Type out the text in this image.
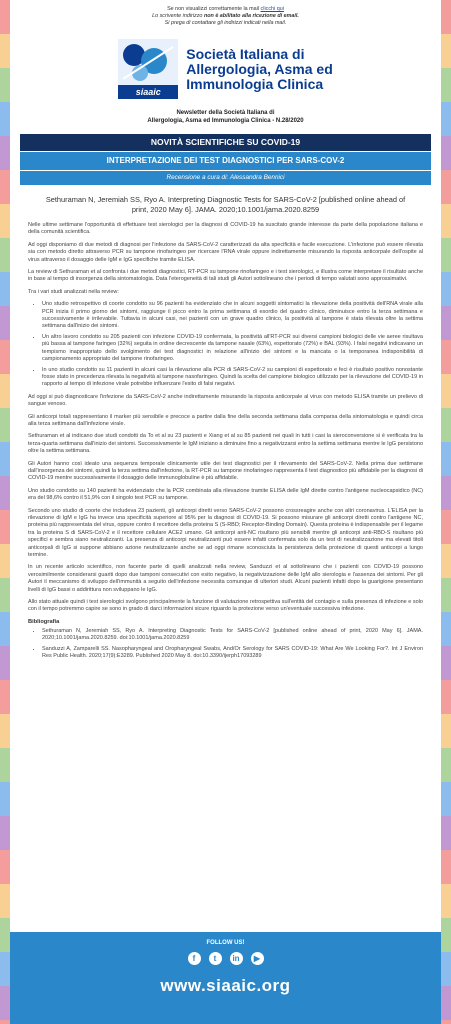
Se non visualizzi correttamente la mail clicchi qui
Lo scrivente indirizzo non è abilitato alla ricezione di email.
Si prega di contattare gli indirizzi indicati nella mail.
siaaic
Società Italiana di
Allergologia, Asma ed
Immunologia Clinica
Newsletter della Società Italiana di
Allergologia, Asma ed Immunologia Clinica - N.28/2020
NOVITÀ SCIENTIFICHE SU COVID-19
INTERPRETAZIONE DEI TEST DIAGNOSTICI PER SARS-COV-2
Recensione a cura di: Alessandra Bennici
Sethuraman N, Jeremiah SS, Ryo A. Interpreting Diagnostic Tests for SARS-CoV-2 [published online ahead of print, 2020 May 6]. JAMA. 2020;10.1001/jama.2020.8259

Nelle ultime settimane l'opportunità di effettuare test sierologici per la diagnosi di COVID-19 ha suscitato grande interesse da parte della popolazione italiana e della comunità scientifica.

Ad oggi disponiamo di due metodi di diagnosi per l'infezione da SARS-CoV-2 caratterizzati da alta specificità e facile esecuzione. L'infezione può essere rilevata sia con metodo diretto attraverso PCR su tampone rinofaringeo per ricercare l'RNA virale oppure indirettamente misurando la risposta anticorpale dell'ospite al virus attraverso il dosaggio delle IgM e IgG specifiche tramite ELISA.

La review di Sethuraman et al confronta i due metodi diagnostici, RT-PCR su tampone rinofaringeo e i test sierologici, e illustra come interpretare il risultato anche in base al tempo di insorgenza della sintomatologia. Data l'eterogeneità di tali studi gli Autori sottolineano che i periodi di tempo valutati sono approssimativi.

Tra i vari studi analizzati nella review:

• Uno studio retrospettivo di coorte condotto su 96 pazienti ha evidenziato che in alcuni soggetti sintomatici la rilevazione della positività dell'RNA virale alla PCR inizia il primo giorno dei sintomi, raggiunge il picco entro la prima settimana di esordio del quadro clinico, diminuisce entro la terza settimana e successivamente è irrilevabile. Tuttavia in alcuni casi, nei pazienti con un grave quadro clinico, la positività al tampone è stata rilevata oltre la settima settimana dall'inizio dei sintomi.
• Un altro lavoro condotto su 205 pazienti con infezione COVID-19 confermata, la positività all'RT-PCR sui diversi campioni biologici delle vie aeree risultava più bassa al tampone faringeo (32%) seguita in ordine decrescente da tampone nasale (63%), espettorato (72%) e BAL (93%). I falsi negativi indicavano un tempismo inappropriato dello svolgimento dei test diagnostici in relazione all'inizio dei sintomi e la mancata o la temporanea indisponibilità di campionamento appropriato del tampone rinofaringeo.
• In uno studio condotto su 11 pazienti in alcuni casi la rilevazione alla PCR di SARS-CoV-2 su campioni di espettorato e feci è risultato positivo nonostante fosse stato in precedenza rilevata la negatività al tampone nasofaringeo. Quindi la scelta del campione biologico utilizzato per la rilevazione del COVID-19 in rapporto al tempo di infezione virale potrebbe influenzare l'esito di falsi negativi.

Ad oggi si può diagnosticare l'infezione da SARS-CoV-2 anche indirettamente misurando la risposta anticorpale al virus con metodo ELISA tramite un prelievo di sangue venoso.

Gli anticorpi totali rappresentano il marker più sensibile e precoce a partire dalla fine della seconda settimana dalla comparsa della sintomatologia e quindi circa alla terza settimana dall'infezione virale.

Sethuraman et al indicano due studi condotti da To et al su 23 pazienti e Xiang et al su 85 pazienti nei quali in tutti i casi la sieroconversione si è verificata tra la terza-quarta settimana dall'inizio dei sintomi. Successivamente le IgM iniziano a diminuire fino a negativizzarsi entro la settima settimana mentre le IgG persistono oltre la settima settimana.

Gli Autori hanno così ideato una sequenza temporale clinicamente utile dei test diagnostici per il rilevamento del SARS-CoV-2. Nella prima due settimane dall'insorgenza dei sintomi, quindi la terza settima dall'infezione, la RT-PCR su tampone rinofaringeo rappresenta il test diagnostico più affidabile per la diagnosi di COVID-19 mentre successivamente il dosaggio delle immunoglobuline è più affidabile.

Uno studio condotto su 140 pazienti ha evidenziato che la PCR combinata alla rilevazione tramite ELISA delle IgM dirette contro l'antigene nucleocapsidico (NC) era del 98,6% contro il 51,9% con il singolo test PCR su tampone.

Secondo uno studio di coorte che includeva 23 pazienti, gli anticorpi diretti verso SARS-CoV-2 possono crossreagire anche con altri coronavirus. L'ELISA per la rilevazione di IgM e IgG ha invece una specificità superiore al 95% per la diagnosi di COVID-19. Si possono misurare gli anticorpi diretti contro l'antigene NC, proteina più rappresentata del virus, oppure contro il recettore della proteina S (S-RBD; Receptor-Binding Domain). Questa proteina è indispensabile per il legame tra la proteina S di SARS-CoV-2 e il recettore cellulare ACE2 umano. Gli anticorpi anti-NC risultano più sensibili mentre gli anticorpi anti-RBD-S risultano più specifici e sembra siano neutralizzanti. La presenza di anticorpi neutralizzanti può essere infatti confermata solo da un test di neutralizzazione ma elevati titoli anticorpali di IgG si suppone abbiano azione neutralizzante anche se ad oggi rimane sconosciuta la persistenza della protezione di questi anticorpi a lungo termine.

In un recente articolo scientifico, non facente parte di quelli analizzati nella review, Sanduzzi et al sottolineano che i pazienti con COVID-19 possono verosimilmente considerarsi guariti dopo due tamponi consecutivi con esito negativo, la negativizzazione delle IgM allo sierologia e l'assenza dei sintomi. Per gli Autori il meccanismo di sviluppo dell'immunità a seguito dell'infezione necessita comunque di ulteriori studi. Alcuni pazienti infatti dopo la guarigione presentano livelli di IgG bassi o addirittura non sviluppano le IgG.

Allo stato attuale quindi i test sierologici svolgono principalmente la funzione di valutazione retrospettiva sull'entità del contagio e sulla presenza di infezione e solo con il tempo potremmo capire se sono in grado di darci informazioni sicure riguardo la protezione verso un'eventuale successiva infezione.

Bibliografia
• Sethuraman N, Jeremiah SS, Ryo A. Interpreting Diagnostic Tests for SARS-CoV-2 [published online ahead of print, 2020 May 6]. JAMA. 2020;10.1001/jama.2020.8259. doi:10.1001/jama.2020.8259
• Sanduzzi A, Zamparelli SS. Nasopharyngeal and Oropharyngeal Swabs, And/Or Serology for SARS COVID-19: What Are We Looking For?. Int J Environ Res Public Health. 2020;17(9):E3289. Published 2020 May 8. doi:10.3390/ijerph17093289
FOLLOW US!
f	t	in	▶
www.siaaic.org
